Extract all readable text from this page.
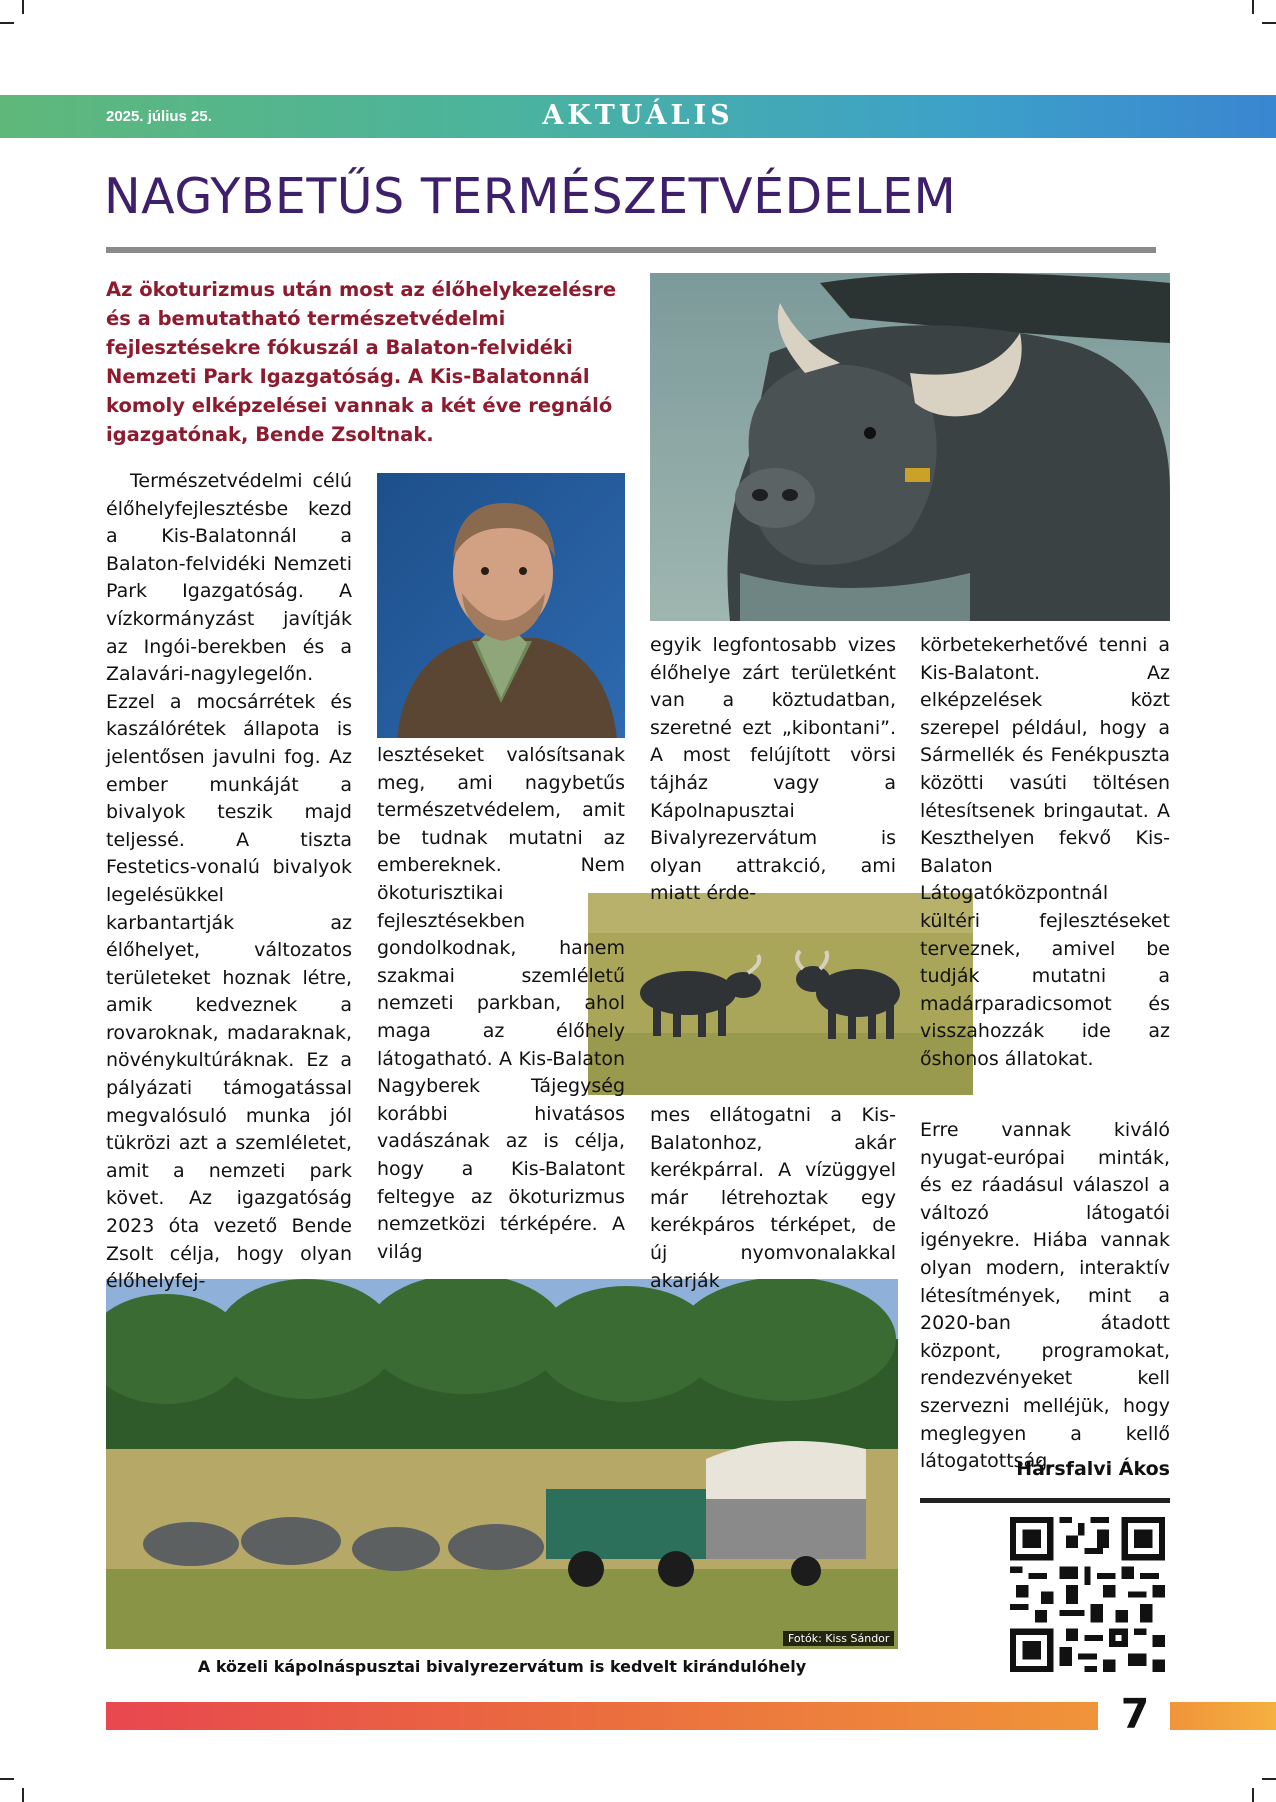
2025. július 25.	AKTUÁLIS
NAGYBETŰS TERMÉSZETVÉDELEM

Az ökoturizmus után most az élőhelykezelésre és a bemutatható természetvédelmi fejlesztésekre fókuszál a Balaton-felvidéki Nemzeti Park Igazgatóság. A Kis-Balatonnál komoly elképzelései vannak a két éve regnáló igazgatónak, Bende Zsoltnak.

Fotók: Kiss Sándor
A közeli kápolnáspusztai bivalyrezervátum is kedvelt kirándulóhely

Természetvédelmi célú élőhelyfejlesztésbe kezd a Kis-Balatonnál a Balaton-felvidéki Nemzeti Park Igazgatóság. A vízkormányzást javítják az Ingói-berekben és a Zalavári-nagylegelőn. Ezzel a mocsárrétek és kaszálórétek állapota is jelentősen javulni fog. Az ember munkáját a bivalyok teszik majd teljessé. A tiszta Festetics-vonalú bivalyok legelésükkel karbantartják az élőhelyet, változatos területeket hoznak létre, amik kedveznek a rovaroknak, madaraknak, növénykultúráknak. Ez a pályázati támogatással megvalósuló munka jól tükrözi azt a szemléletet, amit a nemzeti park követ. Az igazgatóság 2023 óta vezető Bende Zsolt célja, hogy olyan élőhelyfej-

lesztéseket valósítsanak meg, ami nagybetűs természetvédelem, amit be tudnak mutatni az embereknek. Nem ökoturisztikai fejlesztésekben gondolkodnak, hanem szakmai szemléletű nemzeti parkban, ahol maga az élőhely látogatható. A Kis-Balaton Nagyberek Tájegység korábbi hivatásos vadászának az is célja, hogy a Kis-Balatont feltegye az ökoturizmus nemzetközi térképére. A világ

egyik legfontosabb vizes élőhelye zárt területként van a köztudatban, szeretné ezt „kibontani”. A most felújított vörsi tájház vagy a Kápolnapusztai Bivalyrezervátum is olyan attrakció, ami miatt érde-

mes ellátogatni a Kis-Balatonhoz, akár kerékpárral. A vízüggyel már létrehoztak egy kerékpáros térképet, de új nyomvonalakkal akarják

körbetekerhetővé tenni a Kis-Balatont. Az elképzelések közt szerepel például, hogy a Sármellék és Fenékpuszta közötti vasúti töltésen létesítsenek bringautat. A Keszthelyen fekvő Kis-Balaton Látogatóközpontnál kültéri fejlesztéseket terveznek, amivel be tudják mutatni a madárparadicsomot és visszahozzák ide az őshonos állatokat.

Erre vannak kiváló nyugat-európai minták, és ez ráadásul válaszol a változó látogatói igényekre. Hiába vannak olyan modern, interaktív létesítmények, mint a 2020-ban átadott központ, programokat, rendezvényeket kell szervezni melléjük, hogy meglegyen a kellő látogatottság.

Hársfalvi Ákos
7
